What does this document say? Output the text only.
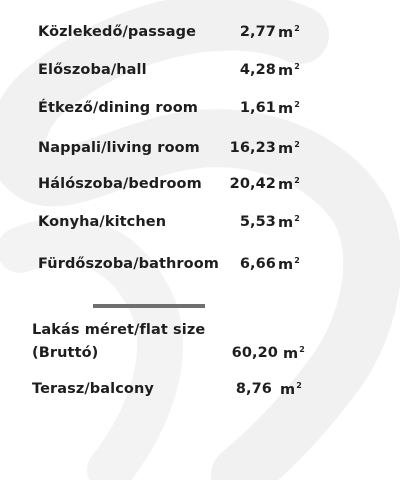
Közlekedő/passage	2,77 $m^2$
Előszoba/hall	4,28 $m^2$
Étkező/dining room	1,61 $m^2$
Nappali/living room 16,23 $m^2$
Hálószoba/bedroom 20,42 $m^2$
Konyha/kitchen	5,53 $m^2$
Fürdőszoba/bathroom 6,66 $m^2$
Lakás méret/flat size
(Bruttó)	60,20 $m^2$
Terasz/balcony	8,76 $m^2$
